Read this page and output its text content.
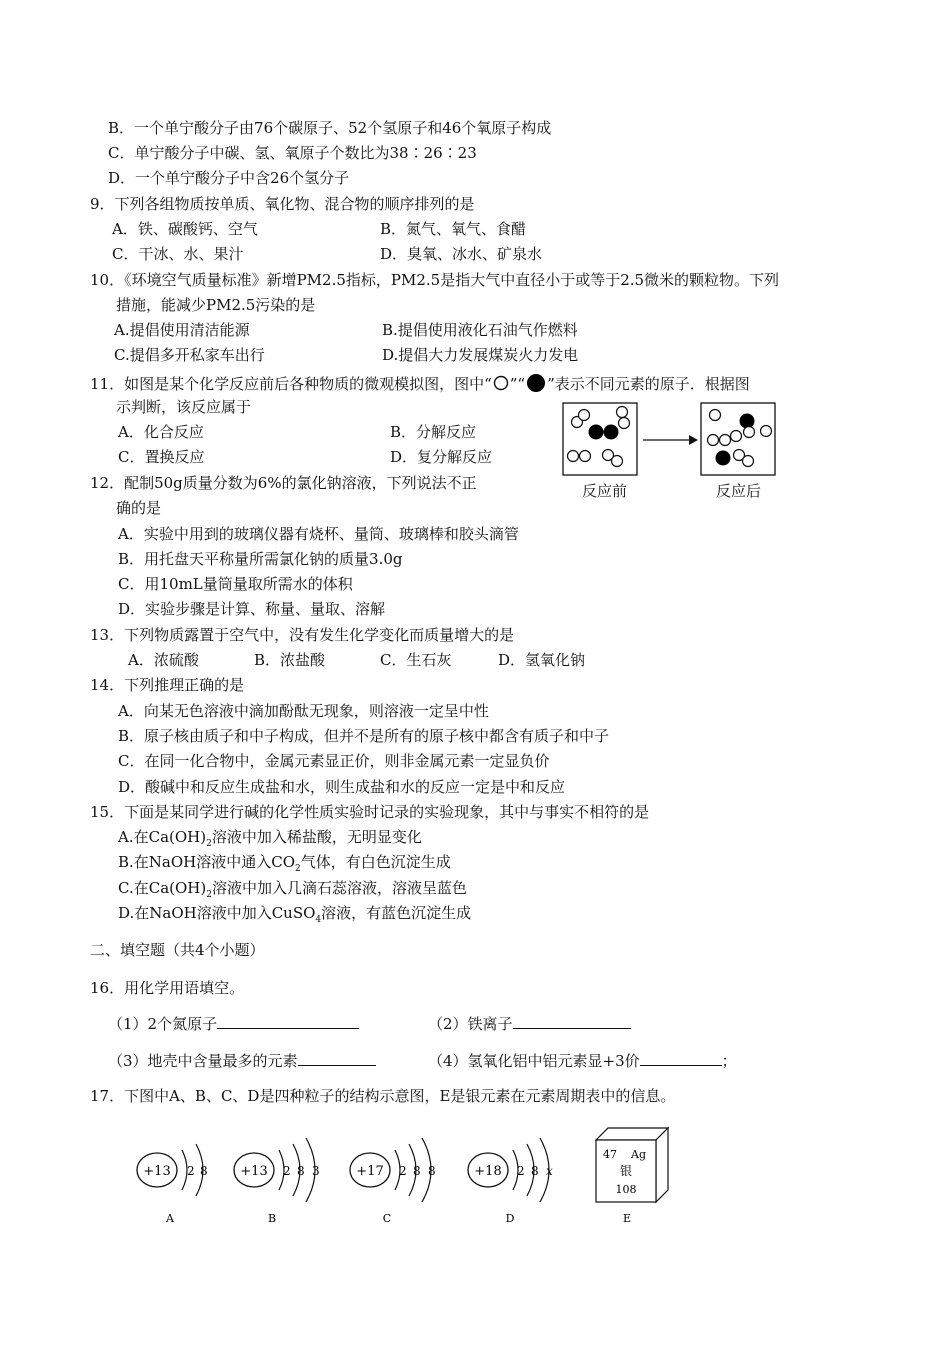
B．一个单宁酸分子由76个碳原子、52个氢原子和46个氧原子构成
C．单宁酸分子中碳、氢、氧原子个数比为38∶26∶23
D．一个单宁酸分子中含26个氢分子
9．下列各组物质按单质、氧化物、混合物的顺序排列的是
A．铁、碳酸钙、空气	B．氮气、氧气、食醋
C．干冰、水、果汁	D．臭氧、冰水、矿泉水
10．《环境空气质量标准》新增PM2.5指标，PM2.5是指大气中直径小于或等于2.5微米的颗粒物。下列
措施，能减少PM2.5污染的是
A.提倡使用清洁能源	B.提倡使用液化石油气作燃料
C.提倡多开私家车出行	D.提倡大力发展煤炭火力发电
11．如图是某个化学反应前后各种物质的微观模拟图，图中“ ”“ ”表示不同元素的原子．根据图
示判断，该反应属于
A．化合反应	B．分解反应
C．置换反应	D．复分解反应
反应前	反应后
12．配制50g质量分数为6%的氯化钠溶液，下列说法不正
确的是
A．实验中用到的玻璃仪器有烧杯、量筒、玻璃棒和胶头滴管
B．用托盘天平称量所需氯化钠的质量3.0g
C．用10mL量筒量取所需水的体积
D．实验步骤是计算、称量、量取、溶解
13．下列物质露置于空气中，没有发生化学变化而质量增大的是
A．浓硫酸	B．浓盐酸	C．生石灰	D．氢氧化钠
14．下列推理正确的是
A．向某无色溶液中滴加酚酞无现象，则溶液一定呈中性
B．原子核由质子和中子构成，但并不是所有的原子核中都含有质子和中子
C．在同一化合物中，金属元素显正价，则非金属元素一定显负价
D．酸碱中和反应生成盐和水，则生成盐和水的反应一定是中和反应
15．下面是某同学进行碱的化学性质实验时记录的实验现象，其中与事实不相符的是
A.在$Ca(OH)_2$溶液中加入稀盐酸，无明显变化
B.在NaOH溶液中通入$CO_2$气体，有白色沉淀生成
C.在$Ca(OH)_2$溶液中加入几滴石蕊溶液，溶液呈蓝色
D.在NaOH溶液中加入CuSO$_4$溶液，有蓝色沉淀生成
二、填空题（共4个小题）
16．用化学用语填空。
（1）2个氮原子	（2）铁离子
（3）地壳中含量最多的元素	（4）氢氧化铝中铝元素显+3价	；
17．下图中A、B、C、D是四种粒子的结构示意图，E是银元素在元素周期表中的信息。
+13 2 8
A
+13 2 8 3
B
+17 2 8 8
C
+18 2 8 x
D
47 Ag
银
108
E
